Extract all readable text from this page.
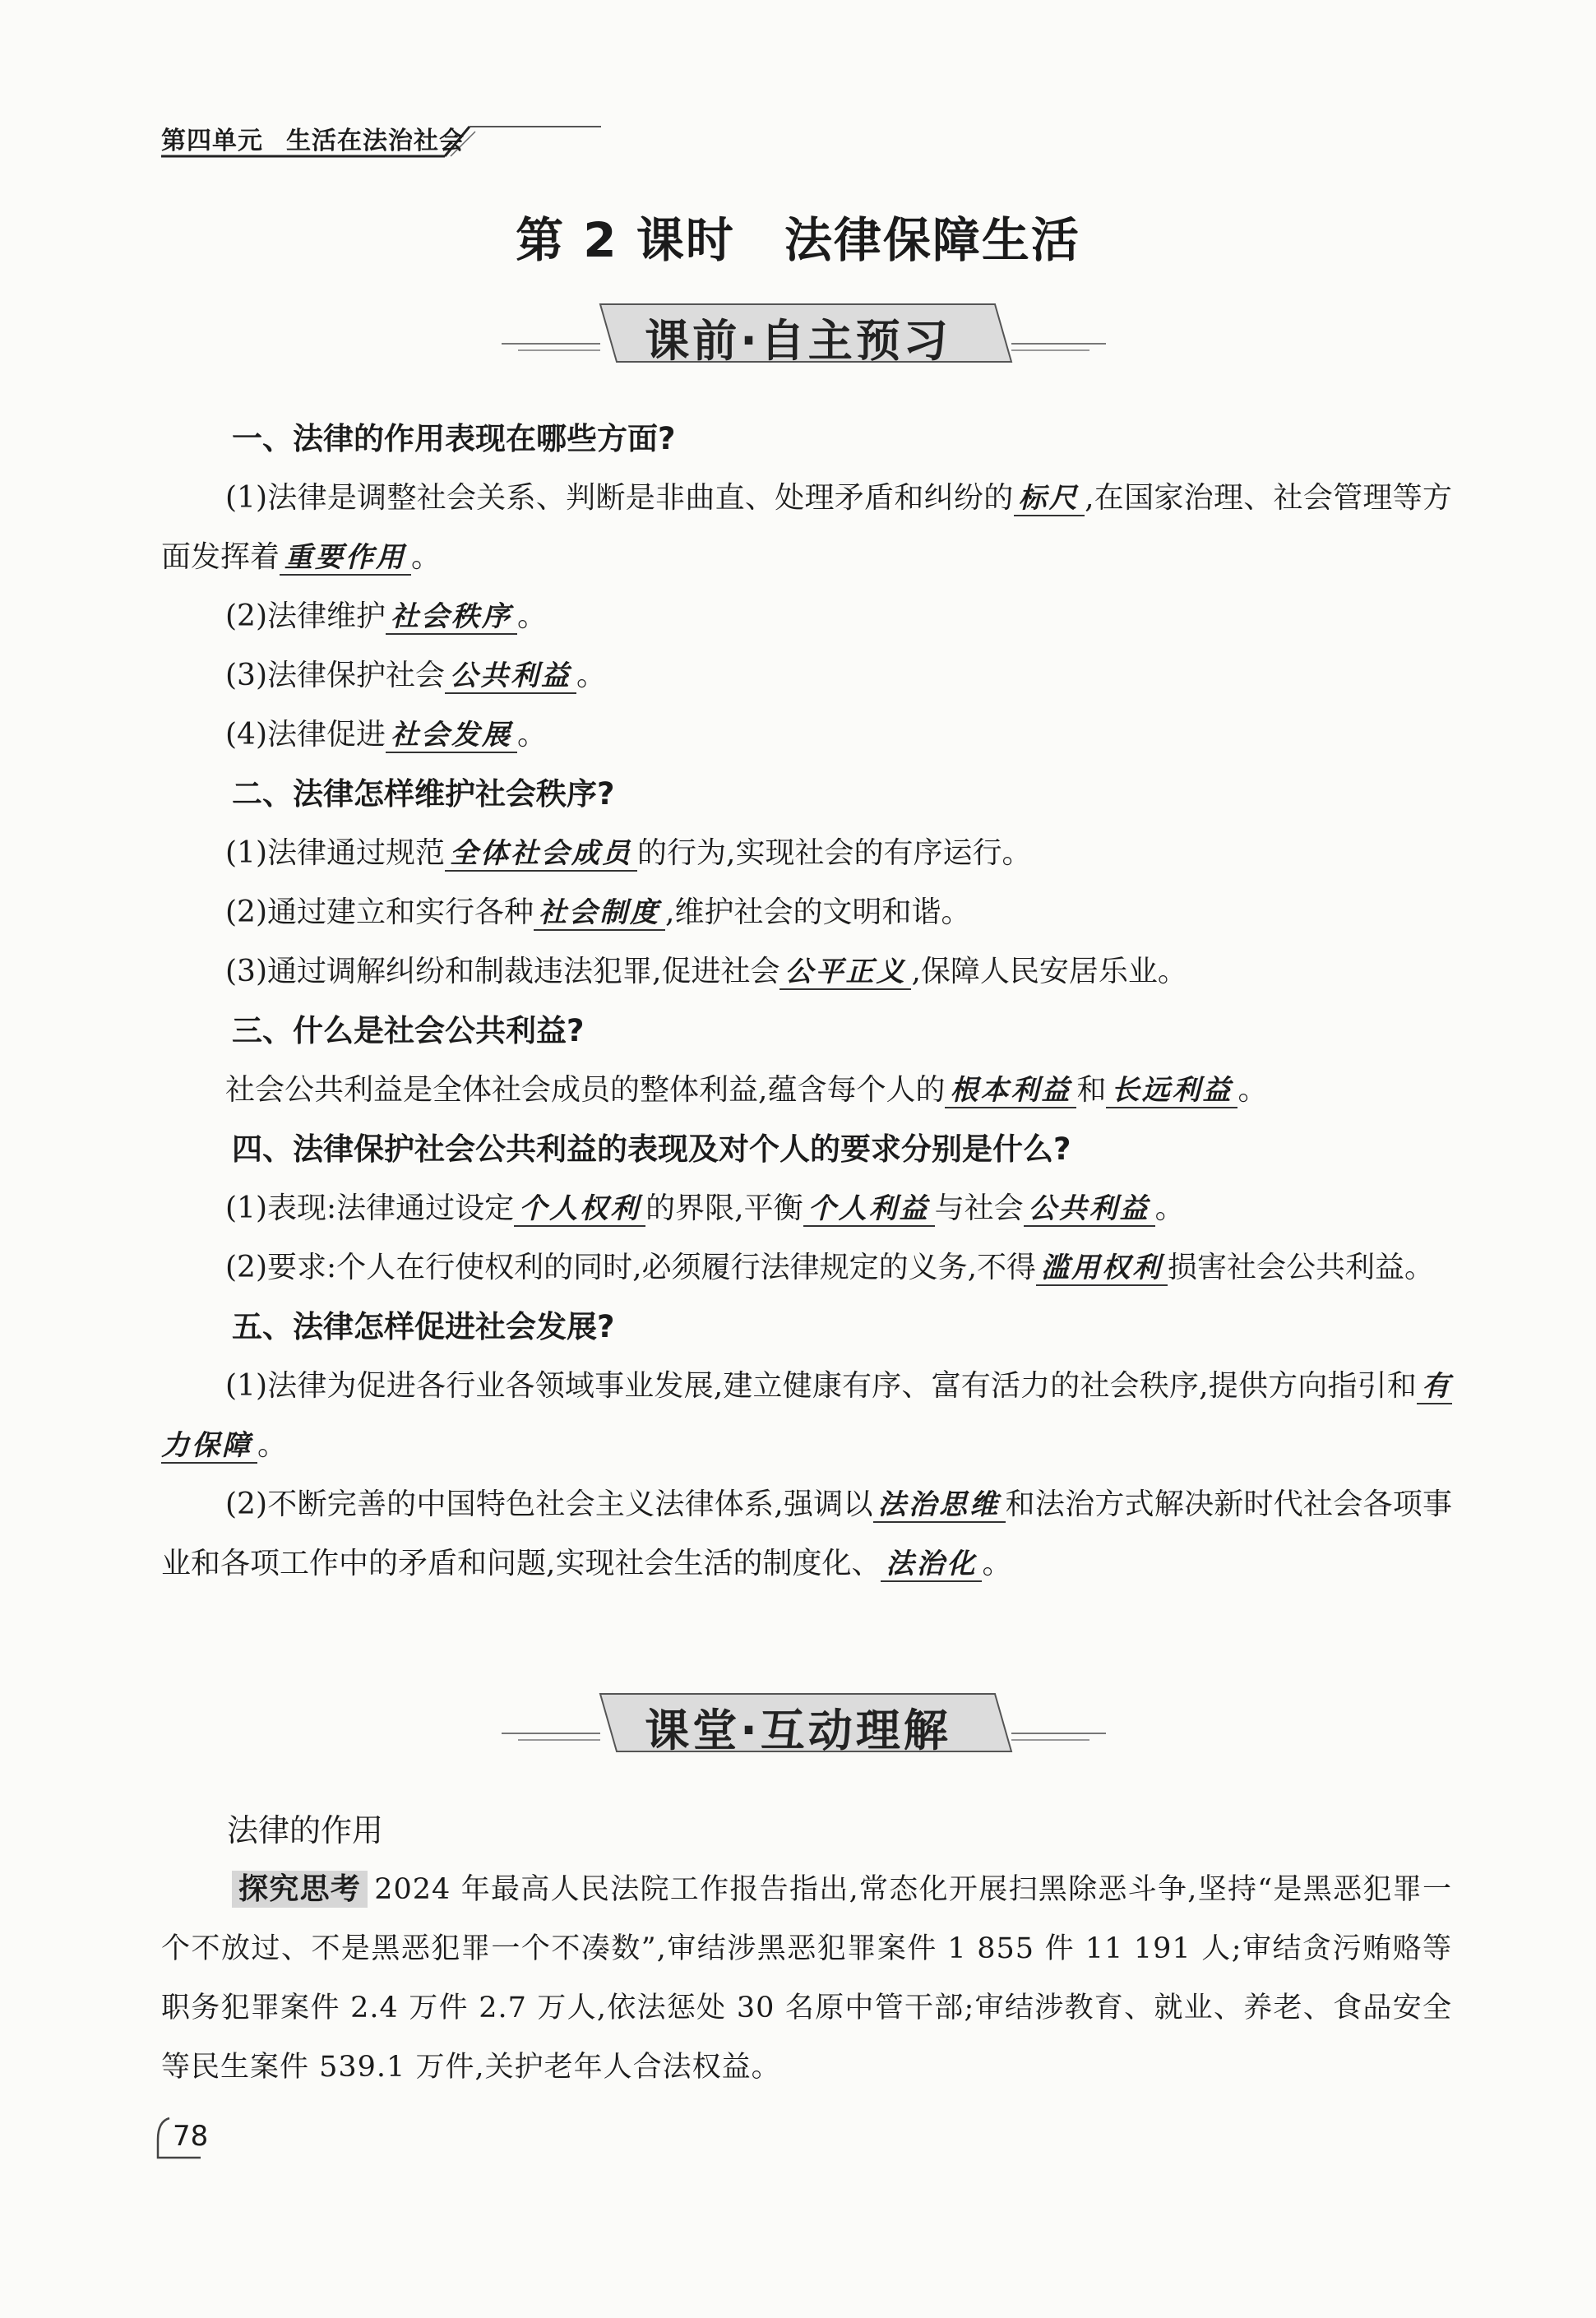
第四单元 生活在法治社会
第 2 课时 法律保障生活
课前·自主预习
一、法律的作用表现在哪些方面?
(1)法律是调整社会关系、判断是非曲直、处理矛盾和纠纷的 标尺 ,在国家治理、社会管理等方面发挥着 重要作用 。
(2)法律维护 社会秩序 。
(3)法律保护社会 公共利益 。
(4)法律促进 社会发展 。
二、法律怎样维护社会秩序?
(1)法律通过规范 全体社会成员 的行为,实现社会的有序运行。
(2)通过建立和实行各种 社会制度 ,维护社会的文明和谐。
(3)通过调解纠纷和制裁违法犯罪,促进社会 公平正义 ,保障人民安居乐业。
三、什么是社会公共利益?
社会公共利益是全体社会成员的整体利益,蕴含每个人的 根本利益 和 长远利益 。
四、法律保护社会公共利益的表现及对个人的要求分别是什么?
(1)表现:法律通过设定 个人权利 的界限,平衡 个人利益 与社会 公共利益 。
(2)要求:个人在行使权利的同时,必须履行法律规定的义务,不得 滥用权利 损害社会公共利益。
五、法律怎样促进社会发展?
(1)法律为促进各行业各领域事业发展,建立健康有序、富有活力的社会秩序,提供方向指引和 有力保障 。
(2)不断完善的中国特色社会主义法律体系,强调以 法治思维 和法治方式解决新时代社会各项事业和各项工作中的矛盾和问题,实现社会生活的制度化、 法治化 。
课堂·互动理解
法律的作用
探究思考 2024 年最高人民法院工作报告指出,常态化开展扫黑除恶斗争,坚持“是黑恶犯罪一个不放过、不是黑恶犯罪一个不凑数”,审结涉黑恶犯罪案件 1 855 件 11 191 人;审结贪污贿赂等职务犯罪案件 2.4 万件 2.7 万人,依法惩处 30 名原中管干部;审结涉教育、就业、养老、食品安全等民生案件 539.1 万件,关护老年人合法权益。
78
